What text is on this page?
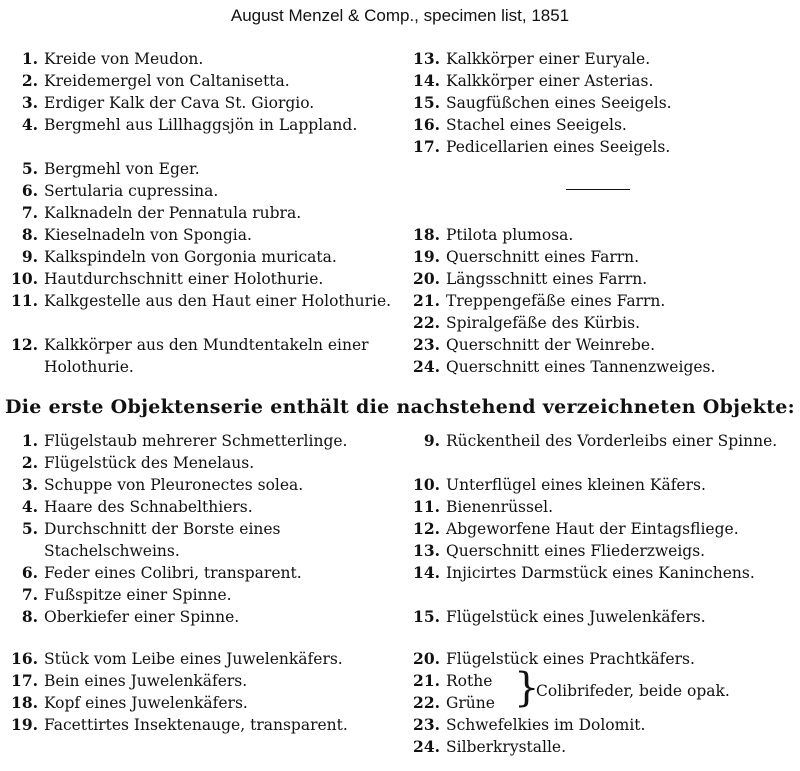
August Menzel & Comp., specimen list, 1851
1. Kreide von Meudon.
2. Kreidemergel von Caltanisetta.
3. Erdiger Kalk der Cava St. Giorgio.
4. Bergmehl aus Lillhaggsjön in Lappland.
5. Bergmehl von Eger.
6. Sertularia cupressina.
7. Kalknadeln der Pennatula rubra.
8. Kieselnadeln von Spongia.
9. Kalkspindeln von Gorgonia muricata.
10. Hautdurchschnitt einer Holothurie.
11. Kalkgestelle aus den Haut einer Holothurie.
12. Kalkkörper aus den Mundtentakeln einer Holothurie.
13. Kalkkörper einer Euryale.
14. Kalkkörper einer Asterias.
15. Saugfüßchen eines Seeigels.
16. Stachel eines Seeigels.
17. Pedicellarien eines Seeigels.
18. Ptilota plumosa.
19. Querschnitt eines Farrn.
20. Längsschnitt eines Farrn.
21. Treppengefäße eines Farrn.
22. Spiralgefäße des Kürbis.
23. Querschnitt der Weinrebe.
24. Querschnitt eines Tannenzweiges.
Die erste Objektenserie enthält die nachstehend verzeichneten Objekte:
1. Flügelstaub mehrerer Schmetterlinge.
2. Flügelstück des Menelaus.
3. Schuppe von Pleuronectes solea.
4. Haare des Schnabelthiers.
5. Durchschnitt der Borste eines Stachelschweins.
6. Feder eines Colibri, transparent.
7. Fußspitze einer Spinne.
8. Oberkiefer einer Spinne.
9. Rückentheil des Vorderleibs einer Spinne.
10. Unterflügel eines kleinen Käfers.
11. Bienenrüssel.
12. Abgeworfene Haut der Eintagsfliege.
13. Querschnitt eines Fliederzweigs.
14. Injicirtes Darmstück eines Kaninchens.
15. Flügelstück eines Juwelenkäfers.
16. Stück vom Leibe eines Juwelenkäfers.
17. Bein eines Juwelenkäfers.
18. Kopf eines Juwelenkäfers.
19. Facettirtes Insektenauge, transparent.
20. Flügelstück eines Prachtkäfers.
21. Rothe
22. Grüne }
Colibrifeder, beide opak.
23. Schwefelkies im Dolomit.
24. Silberkrystalle.
